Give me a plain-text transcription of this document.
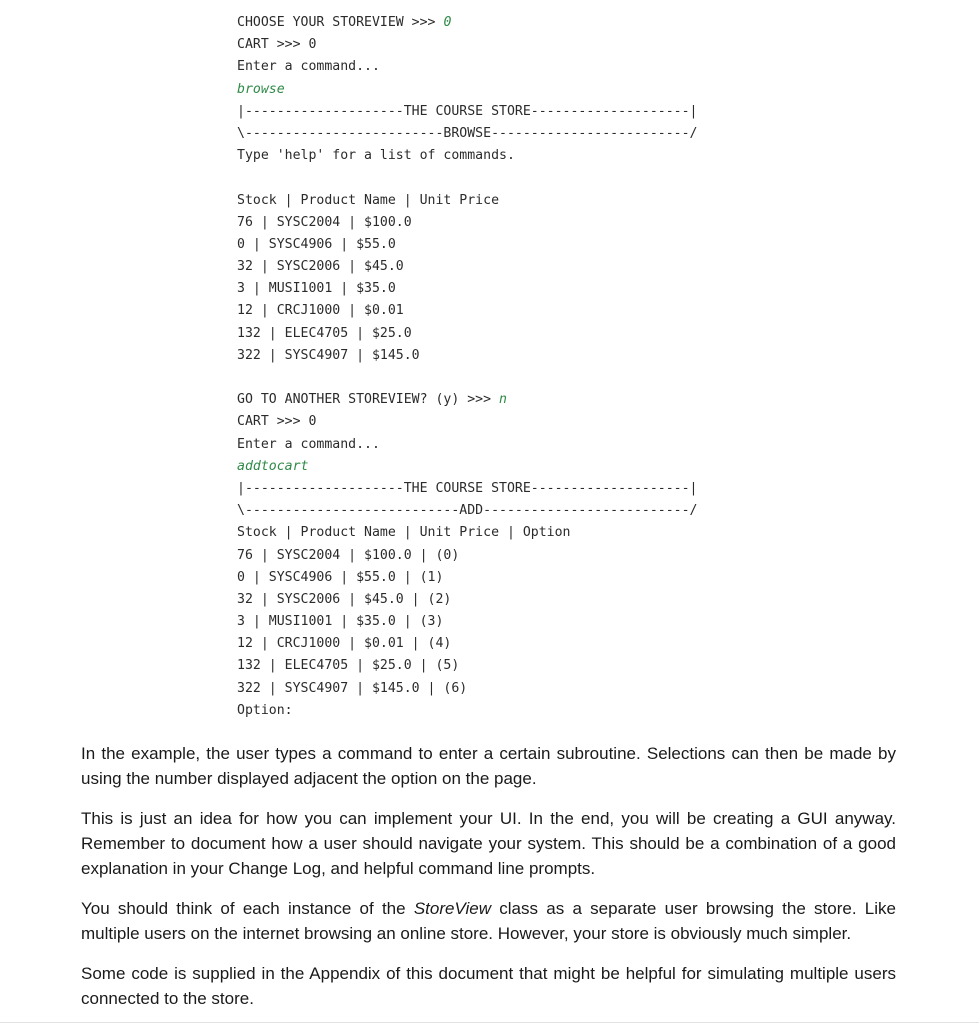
CHOOSE YOUR STOREVIEW >>> 0
CART >>> 0
Enter a command...
browse
|--------------------THE COURSE STORE--------------------|
\-------------------------BROWSE-------------------------/
Type 'help' for a list of commands.
Stock | Product Name | Unit Price
76 | SYSC2004 | $100.0
0 | SYSC4906 | $55.0
32 | SYSC2006 | $45.0
3 | MUSI1001 | $35.0
12 | CRCJ1000 | $0.01
132 | ELEC4705 | $25.0
322 | SYSC4907 | $145.0
GO TO ANOTHER STOREVIEW? (y) >>> n
CART >>> 0
Enter a command...
addtocart
|--------------------THE COURSE STORE--------------------|
\---------------------------ADD--------------------------/
Stock | Product Name | Unit Price | Option
76 | SYSC2004 | $100.0 | (0)
0 | SYSC4906 | $55.0 | (1)
32 | SYSC2006 | $45.0 | (2)
3 | MUSI1001 | $35.0 | (3)
12 | CRCJ1000 | $0.01 | (4)
132 | ELEC4705 | $25.0 | (5)
322 | SYSC4907 | $145.0 | (6)
Option:

In the example, the user types a command to enter a certain subroutine. Selections can then be made by using the number displayed adjacent the option on the page.

This is just an idea for how you can implement your UI. In the end, you will be creating a GUI anyway. Remember to document how a user should navigate your system. This should be a combination of a good explanation in your Change Log, and helpful command line prompts.

You should think of each instance of the StoreView class as a separate user browsing the store. Like multiple users on the internet browsing an online store. However, your store is obviously much simpler.

Some code is supplied in the Appendix of this document that might be helpful for simulating multiple users connected to the store.
